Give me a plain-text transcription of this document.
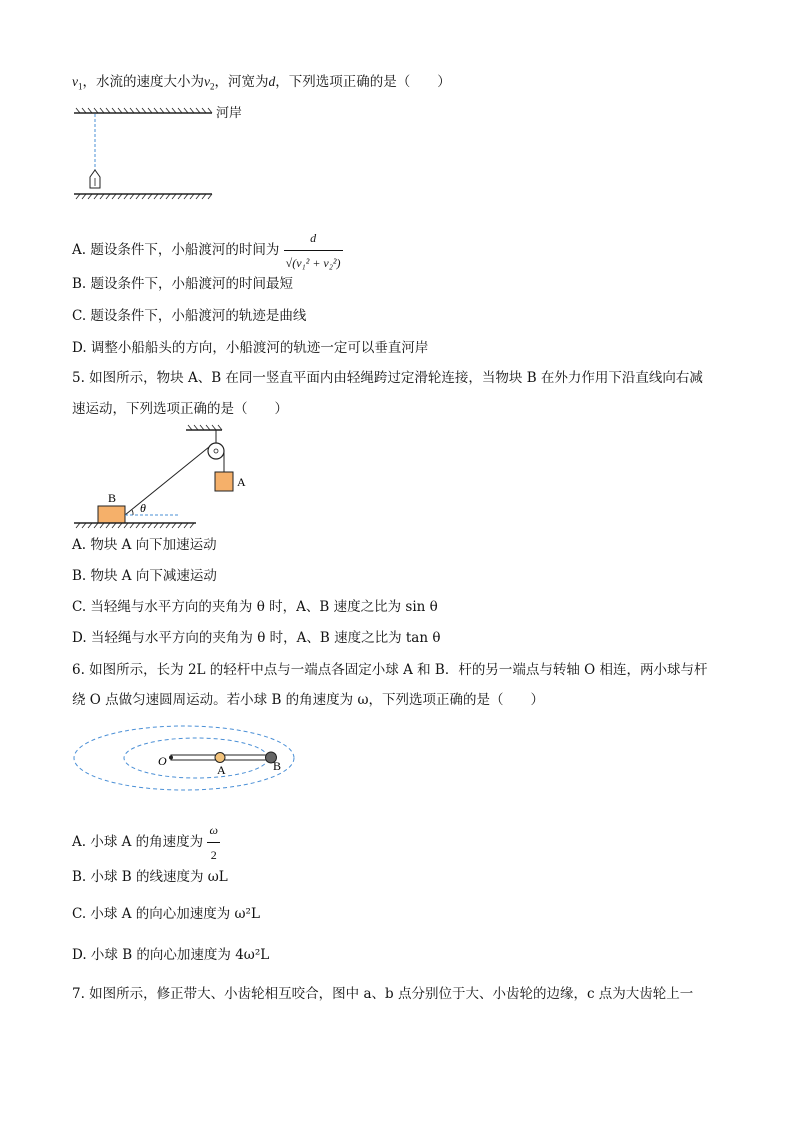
$v_1$，水流的速度大小为$v_2$，河宽为d，下列选项正确的是（　　）
河岸
A. 题设条件下，小船渡河的时间为 $\frac{d}{\text{√(v₁² + v₂²)}}$
B. 题设条件下，小船渡河的时间最短
C. 题设条件下，小船渡河的轨迹是曲线
D. 调整小船船头的方向，小船渡河的轨迹一定可以垂直河岸
5. 如图所示，物块 A、B 在同一竖直平面内由轻绳跨过定滑轮连接，当物块 B 在外力作用下沿直线向右减
速运动，下列选项正确的是（　　）
A
B
θ
A. 物块 A 向下加速运动
B. 物块 A 向下减速运动
C. 当轻绳与水平方向的夹角为 θ 时，A、B 速度之比为 sin θ
D. 当轻绳与水平方向的夹角为 θ 时，A、B 速度之比为 tan θ
6. 如图所示，长为 2L 的轻杆中点与一端点各固定小球 A 和 B．杆的另一端点与转轴 O 相连，两小球与杆
绕 O 点做匀速圆周运动。若小球 B 的角速度为 ω，下列选项正确的是（　　）
O
A	B
A. 小球 A 的角速度为 $\frac{\omega}{2}$
B. 小球 B 的线速度为 ωL
C. 小球 A 的向心加速度为 ω²L
D. 小球 B 的向心加速度为 4ω²L
7. 如图所示，修正带大、小齿轮相互咬合，图中 a、b 点分别位于大、小齿轮的边缘，c 点为大齿轮上一
